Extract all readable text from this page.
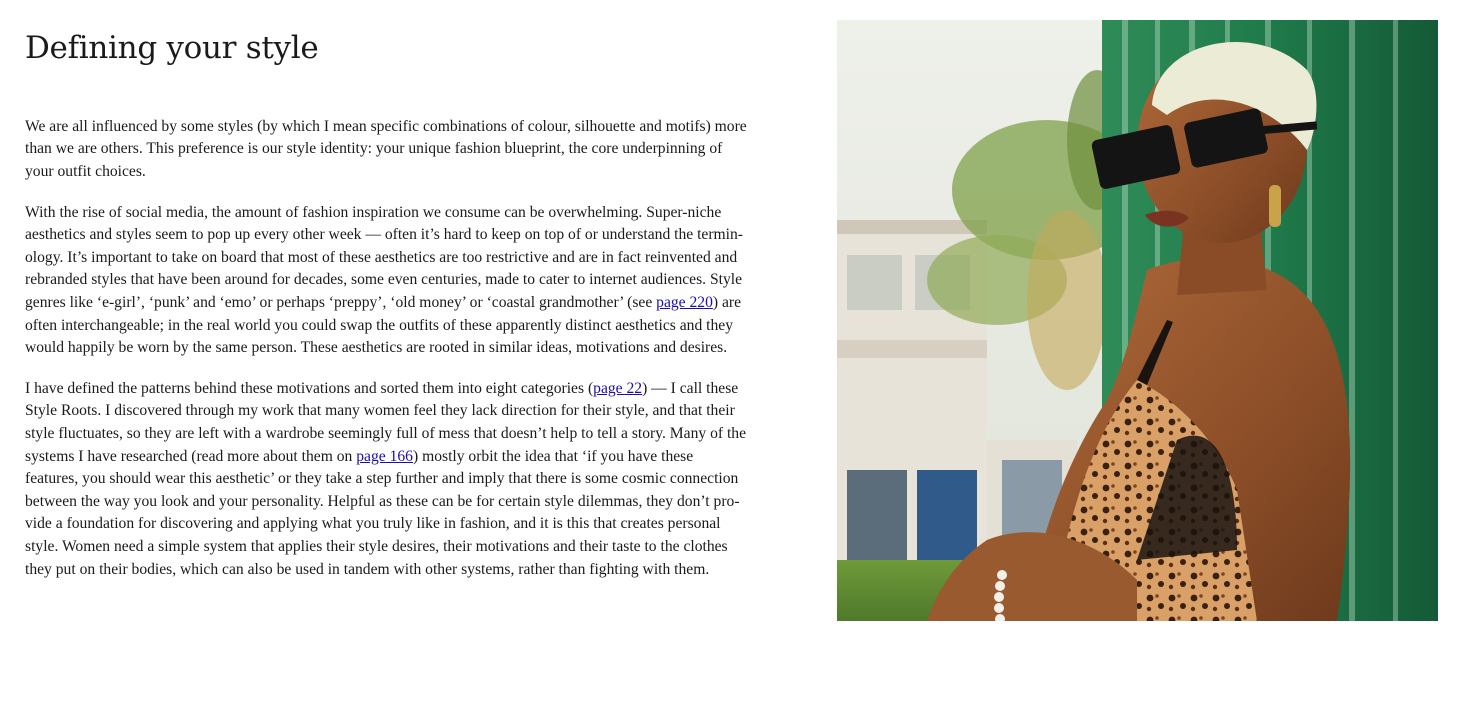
Defining your style

We are all influenced by some styles (by which I mean specific combinations of colour, silhouette and motifs) more than we are others. This preference is our style identity: your unique fashion blueprint, the core underpinning of your outfit choices.

With the rise of social media, the amount of fashion inspiration we consume can be overwhelming. Super-niche aesthetics and styles seem to pop up every other week — often it’s hard to keep on top of or understand the terminology. It’s important to take on board that most of these aesthetics are too restrictive and are in fact reinvented and rebranded styles that have been around for decades, some even centuries, made to cater to internet audiences. Style genres like ‘e-girl’, ‘punk’ and ‘emo’ or perhaps ‘preppy’, ‘old money’ or ‘coastal grandmother’ (see page 220) are often interchangeable; in the real world you could swap the outfits of these apparently distinct aesthetics and they would happily be worn by the same person. These aesthetics are rooted in similar ideas, motivations and desires.

I have defined the patterns behind these motivations and sorted them into eight categories (page 22) — I call these Style Roots. I discovered through my work that many women feel they lack direction for their style, and that their style fluctuates, so they are left with a wardrobe seemingly full of mess that doesn’t help to tell a story. Many of the systems I have researched (read more about them on page 166) mostly orbit the idea that ‘if you have these features, you should wear this aesthetic’ or they take a step further and imply that there is some cosmic connection between the way you look and your personality. Helpful as these can be for certain style dilemmas, they don’t provide a foundation for discovering and applying what you truly like in fashion, and it is this that creates personal style. Women need a simple system that applies their style desires, their motivations and their taste to the clothes they put on their bodies, which can also be used in tandem with other systems, rather than fighting with them.
